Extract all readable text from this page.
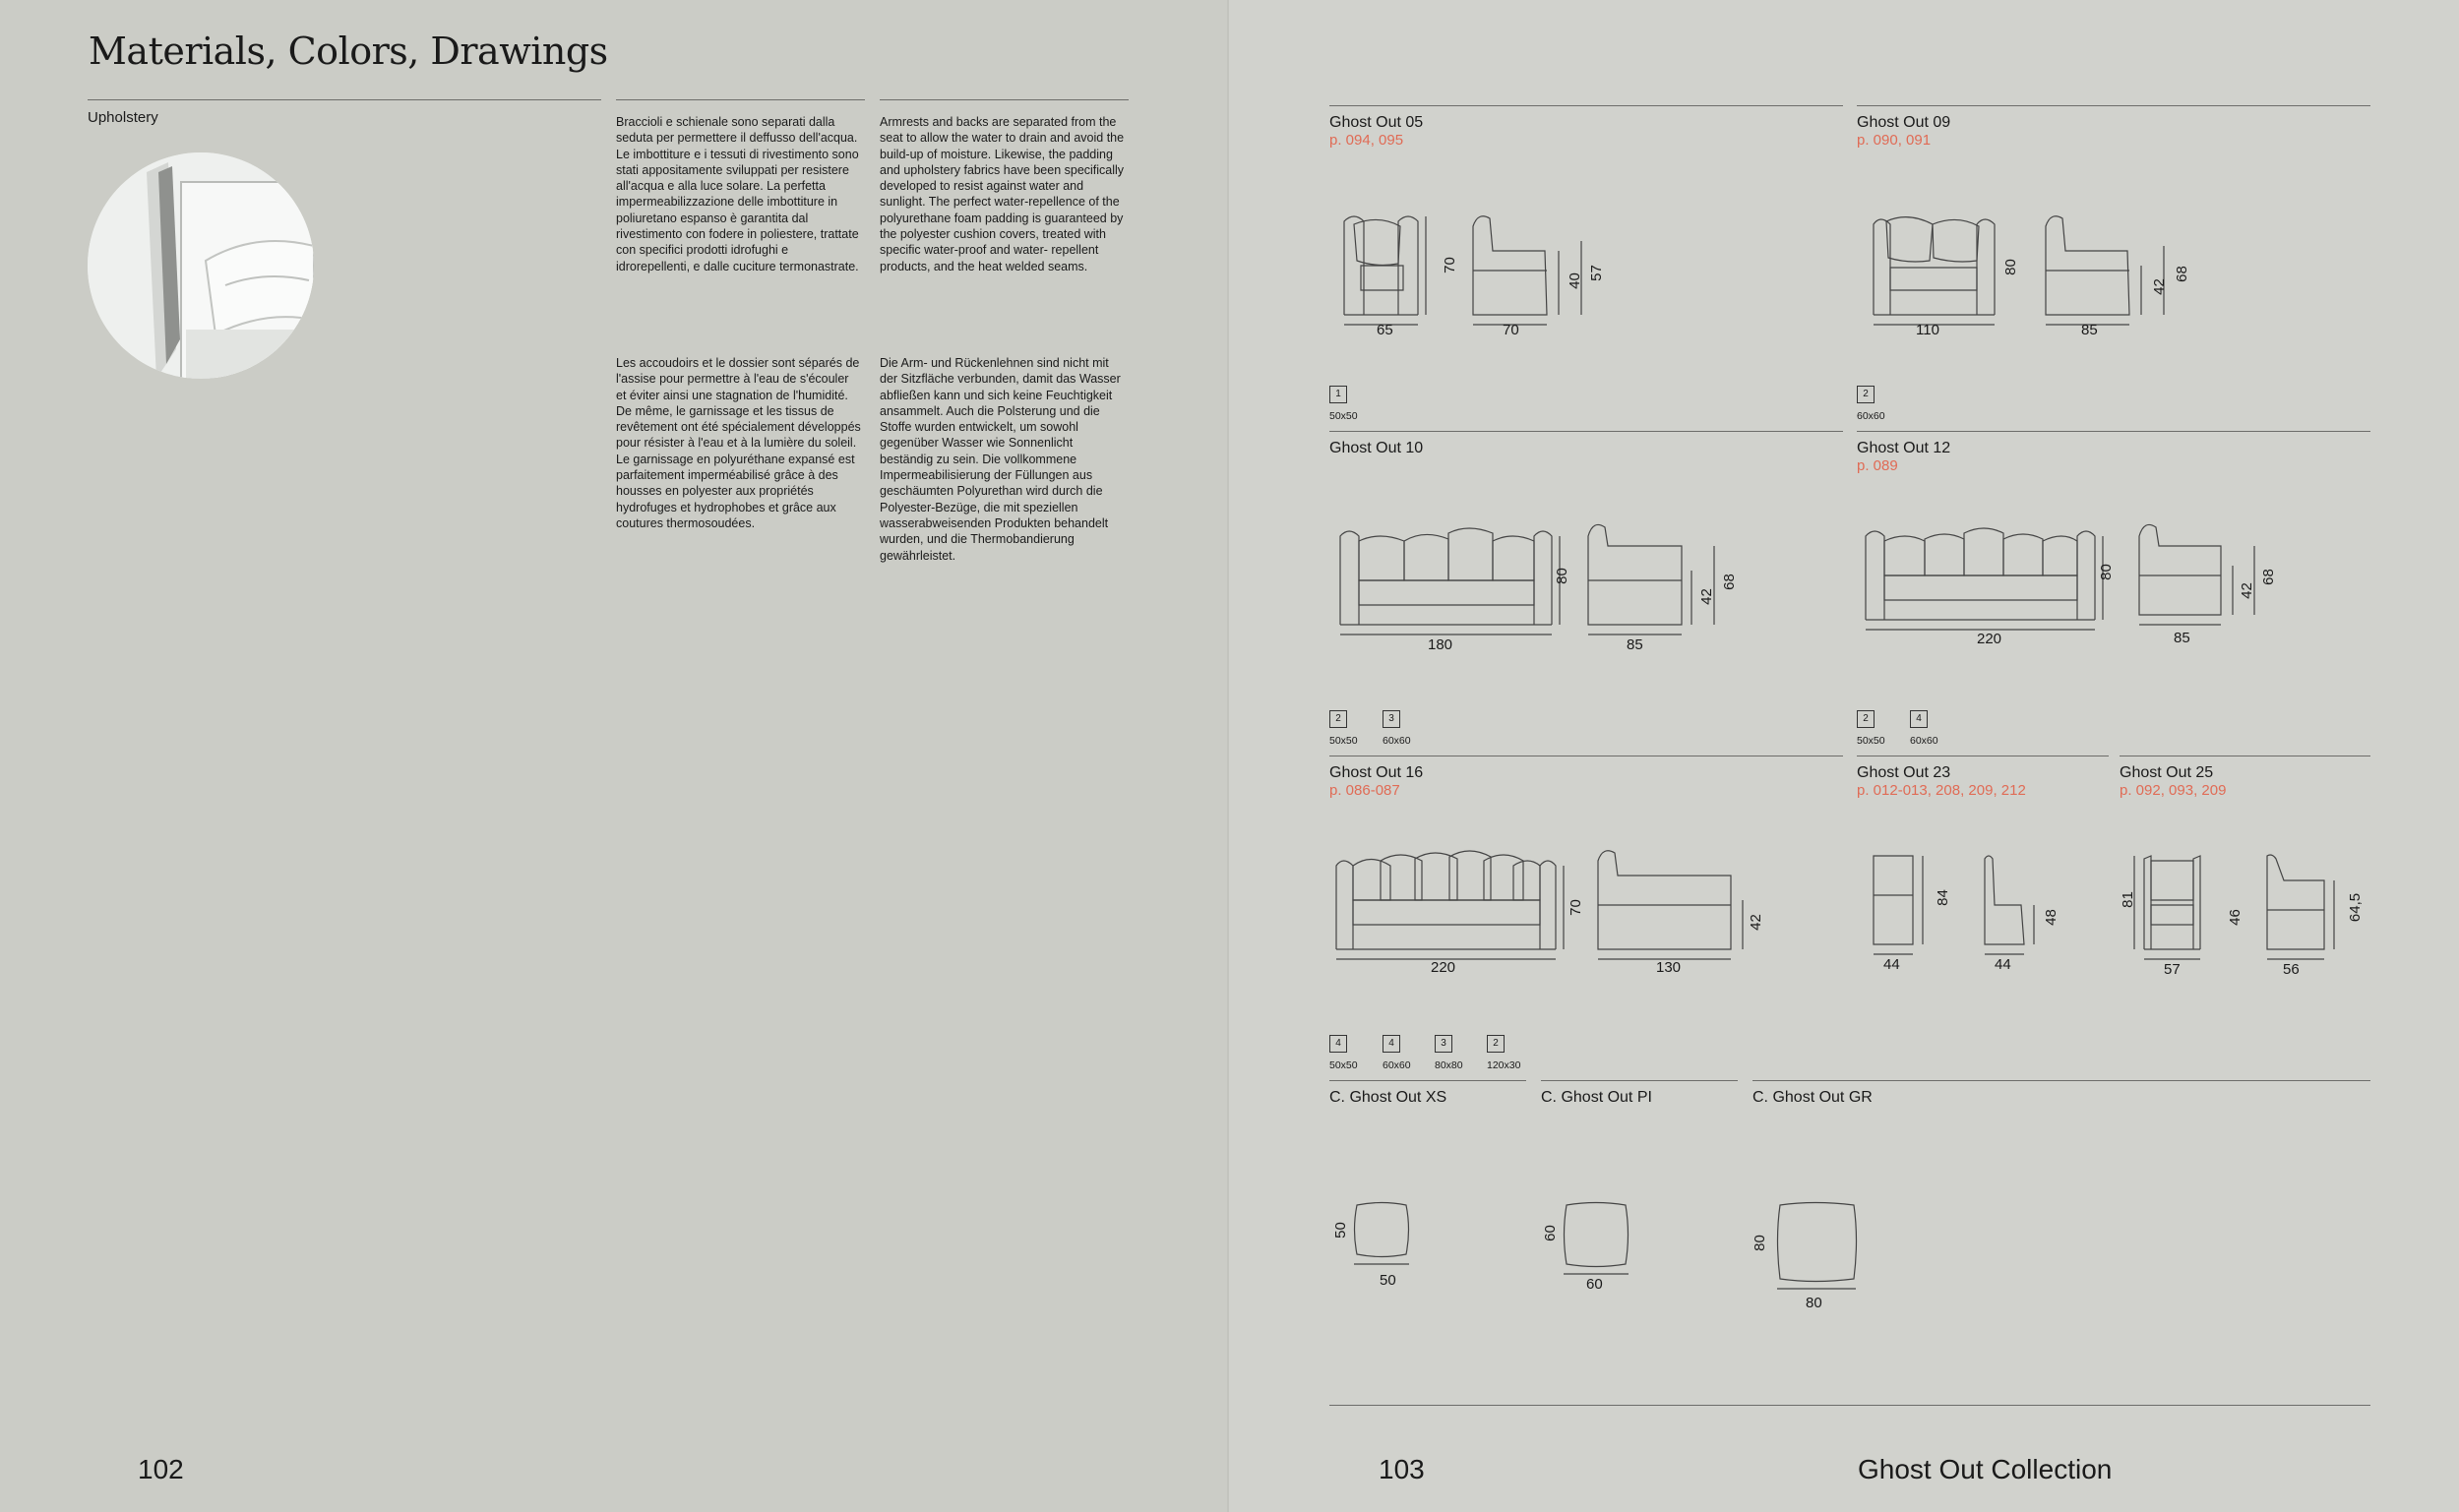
Materials, Colors, Drawings
Upholstery	Braccioli e schienale sono separati dalla seduta per permettere il deffusso dell'acqua. Le imbottiture e i tessuti di rivestimento sono stati appositamente sviluppati per resistere all'acqua e alla luce solare. La perfetta impermeabilizzazione delle imbottiture in poliuretano espanso è garantita dal rivestimento con fodere in poliestere, trattate con specifici prodotti idrofughi e idrorepellenti, e dalle cuciture termonastrate.
Armrests and backs are separated from the seat to allow the water to drain and avoid the build-up of moisture. Likewise, the padding and upholstery fabrics have been specifically developed to resist against water and sunlight. The perfect water-repellence of the polyurethane foam padding is guaranteed by the polyester cushion covers, treated with specific water-proof and water- repellent products, and the heat welded seams.
Les accoudoirs et le dossier sont séparés de l'assise pour permettre à l'eau de s'écouler et éviter ainsi une stagnation de l'humidité. De même, le garnissage et les tissus de revêtement ont été spécialement développés pour résister à l'eau et à la lumière du soleil. Le garnissage en polyuréthane expansé est parfaitement imperméabilisé grâce à des housses en polyester aux propriétés hydrofuges et hydrophobes et grâce aux coutures thermosoudées.
Die Arm- und Rückenlehnen sind nicht mit der Sitzfläche verbunden, damit das Wasser abfließen kann und sich keine Feuchtigkeit ansammelt. Auch die Polsterung und die Stoffe wurden entwickelt, um sowohl gegenüber Wasser wie Sonnenlicht beständig zu sein. Die vollkommene Impermeabilisierung der Füllungen aus geschäumten Polyurethan wird durch die Polyester-Bezüge, die mit speziellen wasserabweisenden Produkten behandelt wurden, und die Thermobandierung gewährleistet.
102
Ghost Out 05
p. 094, 095
65	70
70
40 57
1
50x50
Ghost Out 09
p. 090, 091
110	85
80
42
68
2
60x60
Ghost Out 10
180	85
80
42
68
2
50x50
3
60x60
Ghost Out 12
p. 089
220	85
80
42
68
2
50x50
4
60x60
Ghost Out 16
p. 086-087
220	130
70
42
4
50x50
4
60x60
3
80x80
2
120x30
Ghost Out 23
p. 012-013, 208, 209, 212
44	44
84
48
Ghost Out 25
p. 092, 093, 209
57	56
81
46	64,5
C. Ghost Out XS
50
50
C. Ghost Out PI
60
60
C. Ghost Out GR
80
80
103	Ghost Out Collection
